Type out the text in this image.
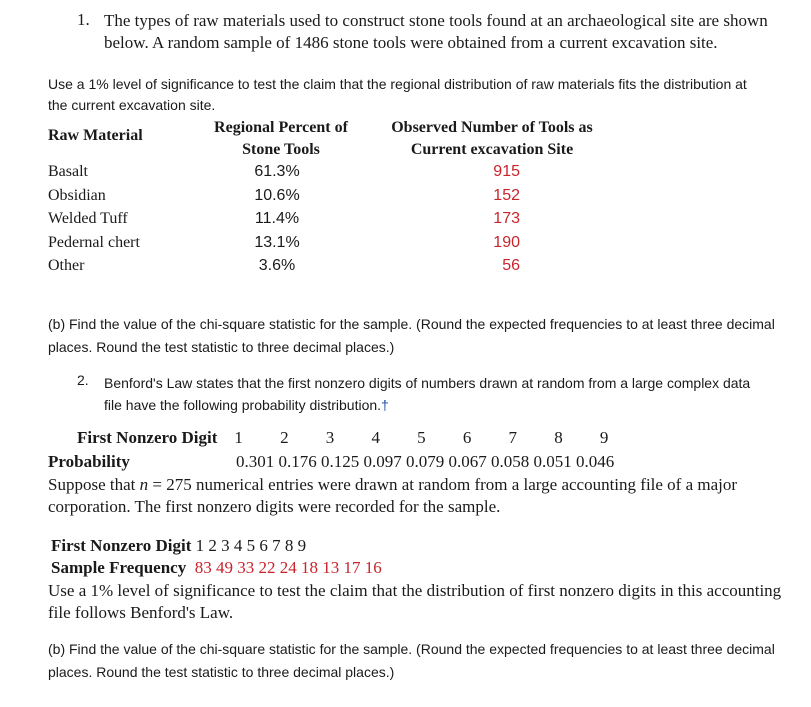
1. The types of raw materials used to construct stone tools found at an archaeological site are shown below. A random sample of 1486 stone tools were obtained from a current excavation site.
Use a 1% level of significance to test the claim that the regional distribution of raw materials fits the distribution at the current excavation site.
Raw Material	Regional Percent of Stone Tools
Observed Number of Tools as Current excavation Site
Basalt
Obsidian
Welded Tuff
Pedernal chert
Other
61.3%
10.6%
11.4%
13.1%
3.6%
915
152
173
190
56
(b) Find the value of the chi-square statistic for the sample. (Round the expected frequencies to at least three decimal places. Round the test statistic to three decimal places.)
2. Benford's Law states that the first nonzero digits of numbers drawn at random from a large complex data file have the following probability distribution.†
First Nonzero Digit 1 2 3 4 5 6 7 8 9
Probability	0.301 0.176 0.125 0.097 0.079 0.067 0.058 0.051 0.046
Suppose that n = 275 numerical entries were drawn at random from a large accounting file of a major corporation. The first nonzero digits were recorded for the sample.
First Nonzero Digit 1 2 3 4 5 6 7 8 9
Sample Frequency 83 49 33 22 24 18 13 17 16
Use a 1% level of significance to test the claim that the distribution of first nonzero digits in this accounting file follows Benford's Law.
(b) Find the value of the chi-square statistic for the sample. (Round the expected frequencies to at least three decimal places. Round the test statistic to three decimal places.)
